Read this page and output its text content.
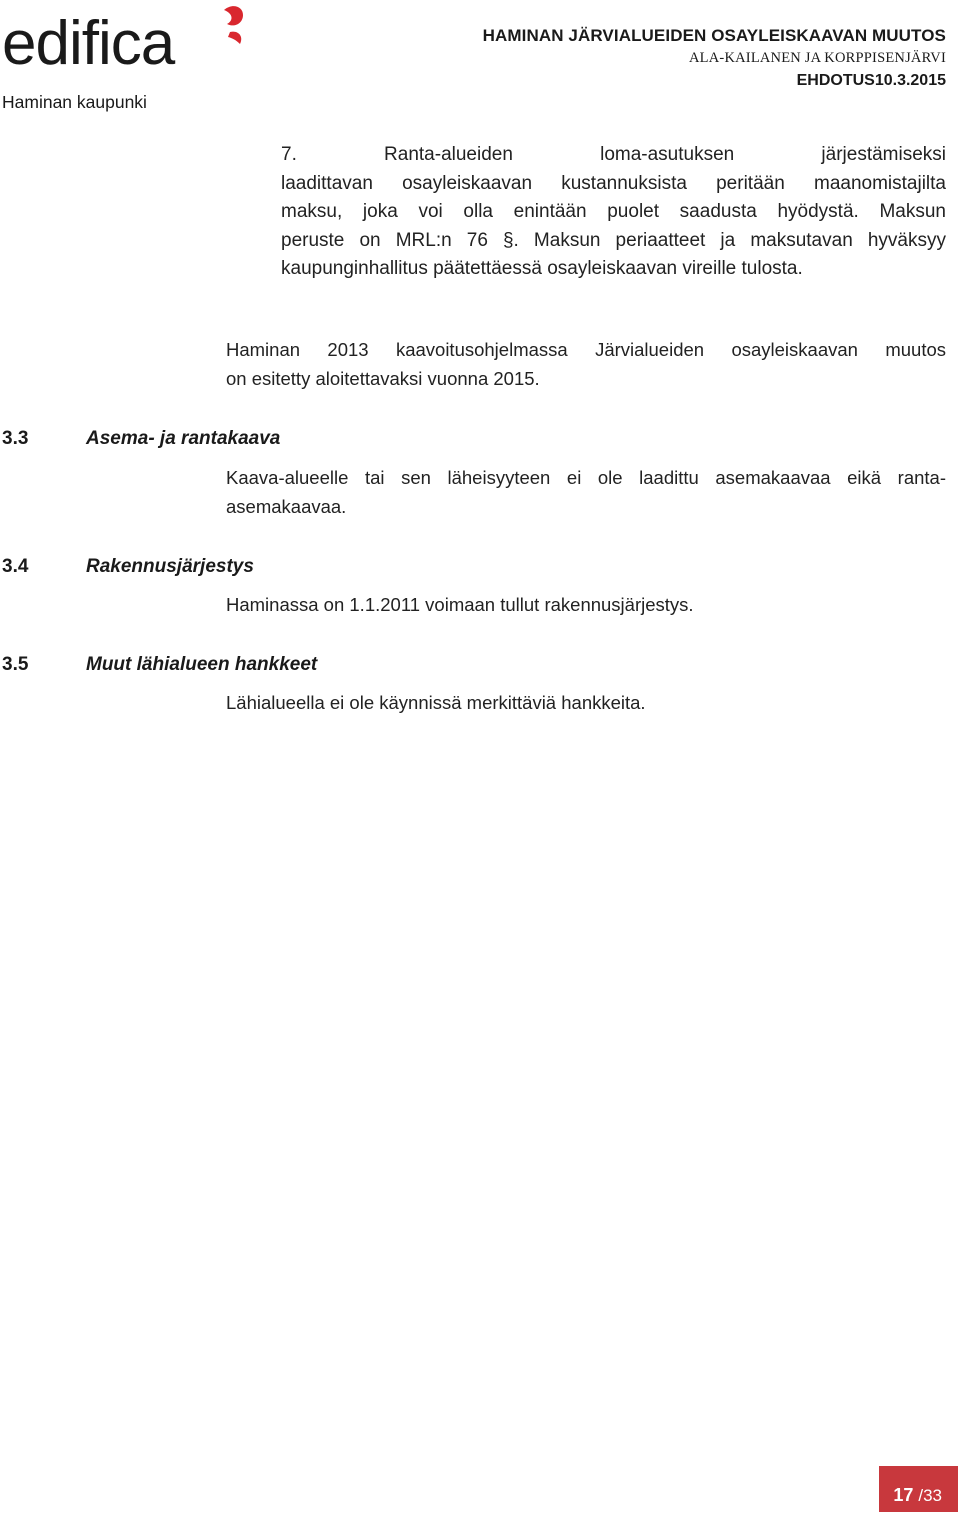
edifica
Haminan kaupunki
HAMINAN JÄRVIALUEIDEN OSAYLEISKAAVAN MUUTOS
ALA-KAILANEN JA KORPPISENJÄRVI
EHDOTUS10.3.2015
7. Ranta-alueiden loma-asutuksen järjestämiseksi
laadittavan osayleiskaavan kustannuksista peritään maanomistajilta
maksu, joka voi olla enintään puolet saadusta hyödystä. Maksun
peruste on MRL:n 76 §. Maksun periaatteet ja maksutavan hyväksyy
kaupunginhallitus päätettäessä osayleiskaavan vireille tulosta.
Haminan 2013 kaavoitusohjelmassa Järvialueiden osayleiskaavan muutos
on esitetty aloitettavaksi vuonna 2015.
3.3	Asema- ja rantakaava
Kaava-alueelle tai sen läheisyyteen ei ole laadittu asemakaavaa eikä ranta-
asemakaavaa.
3.4	Rakennusjärjestys
Haminassa on 1.1.2011 voimaan tullut rakennusjärjestys.
3.5	Muut lähialueen hankkeet
Lähialueella ei ole käynnissä merkittäviä hankkeita.
17 /33
